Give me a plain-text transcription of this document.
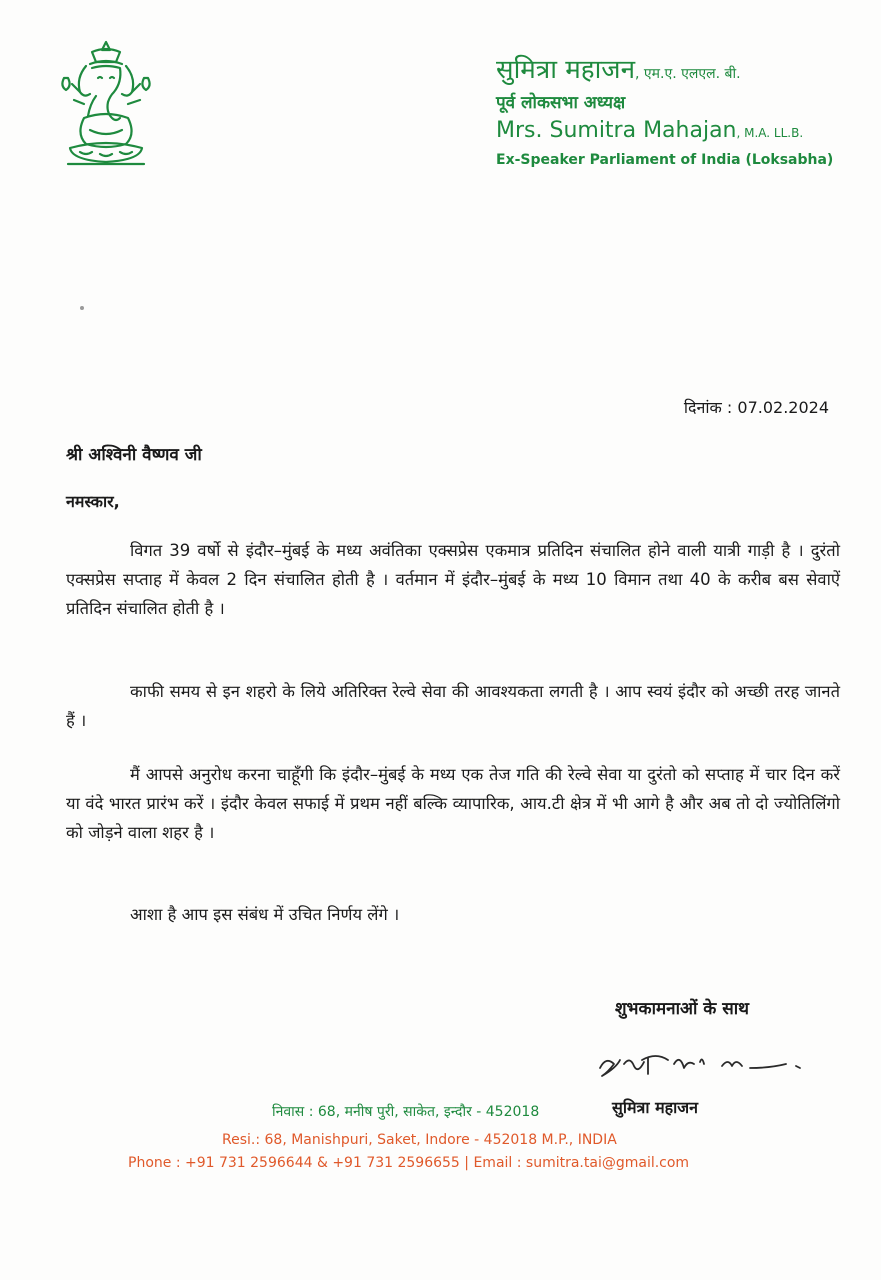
सुमित्रा महाजन, एम.ए. एलएल. बी.
पूर्व लोकसभा अध्यक्ष
Mrs. Sumitra Mahajan, M.A. LL.B.
Ex-Speaker Parliament of India (Loksabha)
दिनांक : 07.02.2024
श्री अश्विनी वैष्णव जी
नमस्कार,

विगत 39 वर्षो से इंदौर–मुंबई के मध्य अवंतिका एक्सप्रेस एकमात्र प्रतिदिन संचालित होने वाली यात्री गाड़ी है । दुरंतो एक्सप्रेस सप्ताह में केवल 2 दिन संचालित होती है । वर्तमान में इंदौर–मुंबई के मध्य 10 विमान तथा 40 के करीब बस सेवाऐं प्रतिदिन संचालित होती है ।

काफी समय से इन शहरो के लिये अतिरिक्त रेल्वे सेवा की आवश्यकता लगती है । आप स्वयं इंदौर को अच्छी तरह जानते हैं ।

मैं आपसे अनुरोध करना चाहूँगी कि इंदौर–मुंबई के मध्य एक तेज गति की रेल्वे सेवा या दुरंतो को सप्ताह में चार दिन करें या वंदे भारत प्रारंभ करें । इंदौर केवल सफाई में प्रथम नहीं बल्कि व्यापारिक, आय.टी क्षेत्र में भी आगे है और अब तो दो ज्योतिलिंगो को जोड़ने वाला शहर है ।

आशा है आप इस संबंध में उचित निर्णय लेंगे ।

शुभकामनाओं के साथ
निवास : 68, मनीष पुरी, साकेत, इन्दौर - 452018	सुमित्रा महाजन
Resi.: 68, Manishpuri, Saket, Indore - 452018 M.P., INDIA
Phone : +91 731 2596644 & +91 731 2596655 | Email : sumitra.tai@gmail.com
